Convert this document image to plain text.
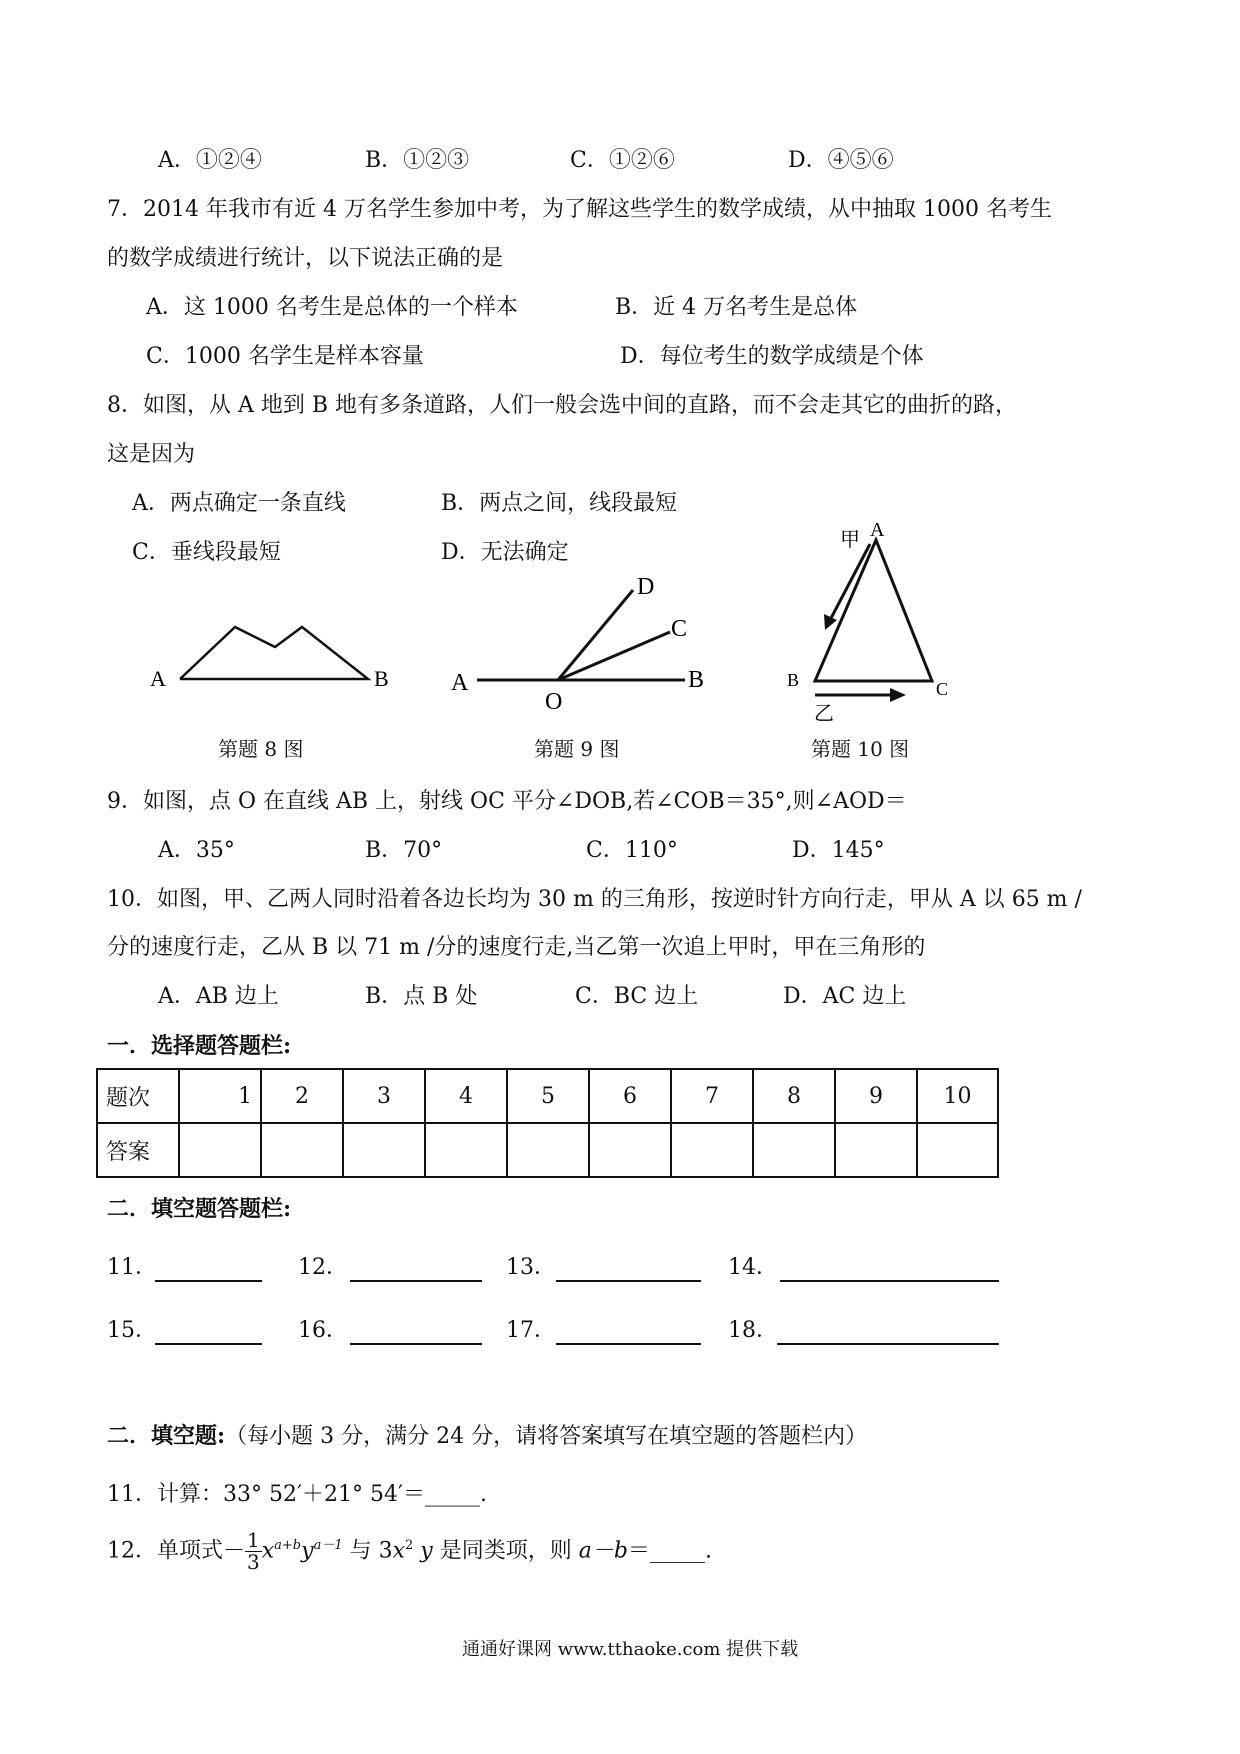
A．①②④	B．①②③	C．①②⑥	D．④⑤⑥
7．2014 年我市有近 4 万名学生参加中考，为了解这些学生的数学成绩，从中抽取 1000 名考生
的数学成绩进行统计，以下说法正确的是
A．这 1000 名考生是总体的一个样本	B．近 4 万名考生是总体
C．1000 名学生是样本容量	D．每位考生的数学成绩是个体
8．如图，从 A 地到 B 地有多条道路，人们一般会选中间的直路，而不会走其它的曲折的路，
这是因为
A．两点确定一条直线	B．两点之间，线段最短
C．垂线段最短	D．无法确定
A	B
第题 8 图
A	B
O
C
D
第题 9 图
甲 A
B	C
乙
第题 10 图
9．如图，点 O 在直线 AB 上，射线 OC 平分∠DOB,若∠COB＝35°,则∠AOD＝
A．35°	B．70°	C．110°	D．145°
10．如图，甲、乙两人同时沿着各边长均为 30 m 的三角形，按逆时针方向行走，甲从 A 以 65 m /
分的速度行走，乙从 B 以 71 m /分的速度行走,当乙第一次追上甲时，甲在三角形的
A．AB 边上	B．点 B 处	C．BC 边上	D．AC 边上
一．选择题答题栏:
题次	1	2	3	4	5	6	7	8	9	10
答案										
二．填空题答题栏:
11．	12．	13．	14．
15．	16．	17．	18．
二．填空题:（每小题 3 分，满分 24 分，请将答案填写在填空题的答题栏内）
11．计算：33° 52′＋21° 54′＝_____.
12．单项式－ $\frac{1}{3} x^{a+b}y^{a-1}$ 与 $3x^2$ y 是同类项，则 a－b＝_____.
通通好课网 www.tthaoke.com 提供下载
